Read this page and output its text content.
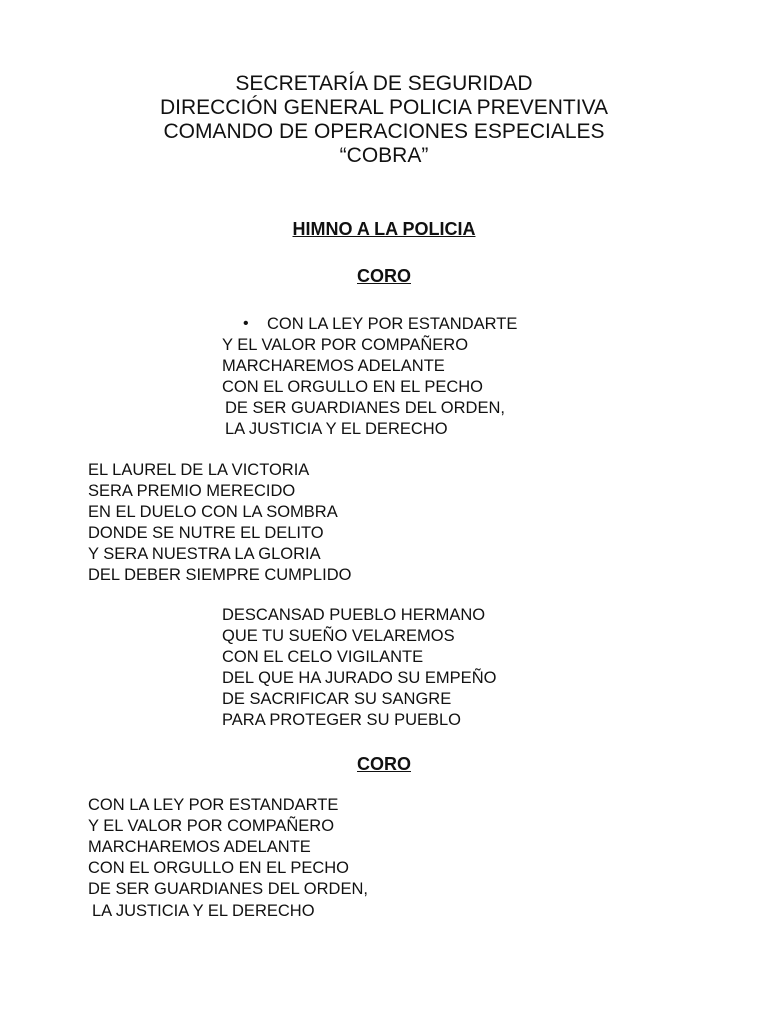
SECRETARÍA DE SEGURIDAD
DIRECCIÓN GENERAL POLICIA PREVENTIVA
COMANDO DE OPERACIONES ESPECIALES
“COBRA”
HIMNO A LA POLICIA
CORO
• CON LA LEY POR ESTANDARTE
Y EL VALOR POR COMPAÑERO
MARCHAREMOS ADELANTE
CON EL ORGULLO EN EL PECHO
DE SER GUARDIANES DEL ORDEN,
LA JUSTICIA Y EL DERECHO
EL LAUREL DE LA VICTORIA
SERA PREMIO MERECIDO
EN EL DUELO CON LA SOMBRA
DONDE SE NUTRE EL DELITO
Y SERA NUESTRA LA GLORIA
DEL DEBER SIEMPRE CUMPLIDO
DESCANSAD PUEBLO HERMANO
QUE TU SUEÑO VELAREMOS
CON EL CELO VIGILANTE
DEL QUE HA JURADO SU EMPEÑO
DE SACRIFICAR SU SANGRE
PARA PROTEGER SU PUEBLO
CORO
CON LA LEY POR ESTANDARTE
Y EL VALOR POR COMPAÑERO
MARCHAREMOS ADELANTE
CON EL ORGULLO EN EL PECHO
DE SER GUARDIANES DEL ORDEN,
LA JUSTICIA Y EL DERECHO
